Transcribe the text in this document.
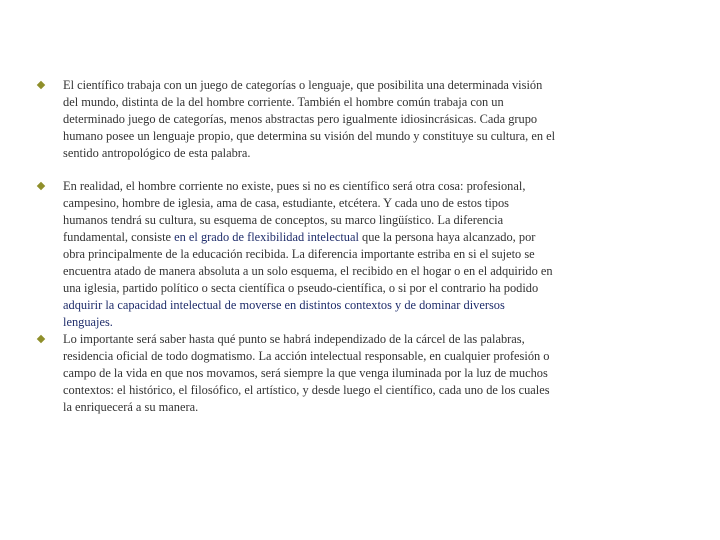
El científico trabaja con un juego de categorías o lenguaje, que posibilita una determinada visión del mundo, distinta de la del hombre corriente. También el hombre común trabaja con un determinado juego de categorías, menos abstractas pero igualmente idiosincrásicas. Cada grupo humano posee un lenguaje propio, que determina su visión del mundo y constituye su cultura, en el sentido antropológico de esta palabra.
En realidad, el hombre corriente no existe, pues si no es científico será otra cosa: profesional, campesino, hombre de iglesia, ama de casa, estudiante, etcétera. Y cada uno de estos tipos humanos tendrá su cultura, su esquema de conceptos, su marco lingüístico. La diferencia fundamental, consiste en el grado de flexibilidad intelectual que la persona haya alcanzado, por obra principalmente de la educación recibida. La diferencia importante estriba en si el sujeto se encuentra atado de manera absoluta a un solo esquema, el recibido en el hogar o en el adquirido en una iglesia, partido político o secta científica o pseudo-científica, o si por el contrario ha podido adquirir la capacidad intelectual de moverse en distintos contextos y de dominar diversos lenguajes.
Lo importante será saber hasta qué punto se habrá independizado de la cárcel de las palabras, residencia oficial de todo dogmatismo. La acción intelectual responsable, en cualquier profesión o campo de la vida en que nos movamos, será siempre la que venga iluminada por la luz de muchos contextos: el histórico, el filosófico, el artístico, y desde luego el científico, cada uno de los cuales la enriquecerá a su manera.
